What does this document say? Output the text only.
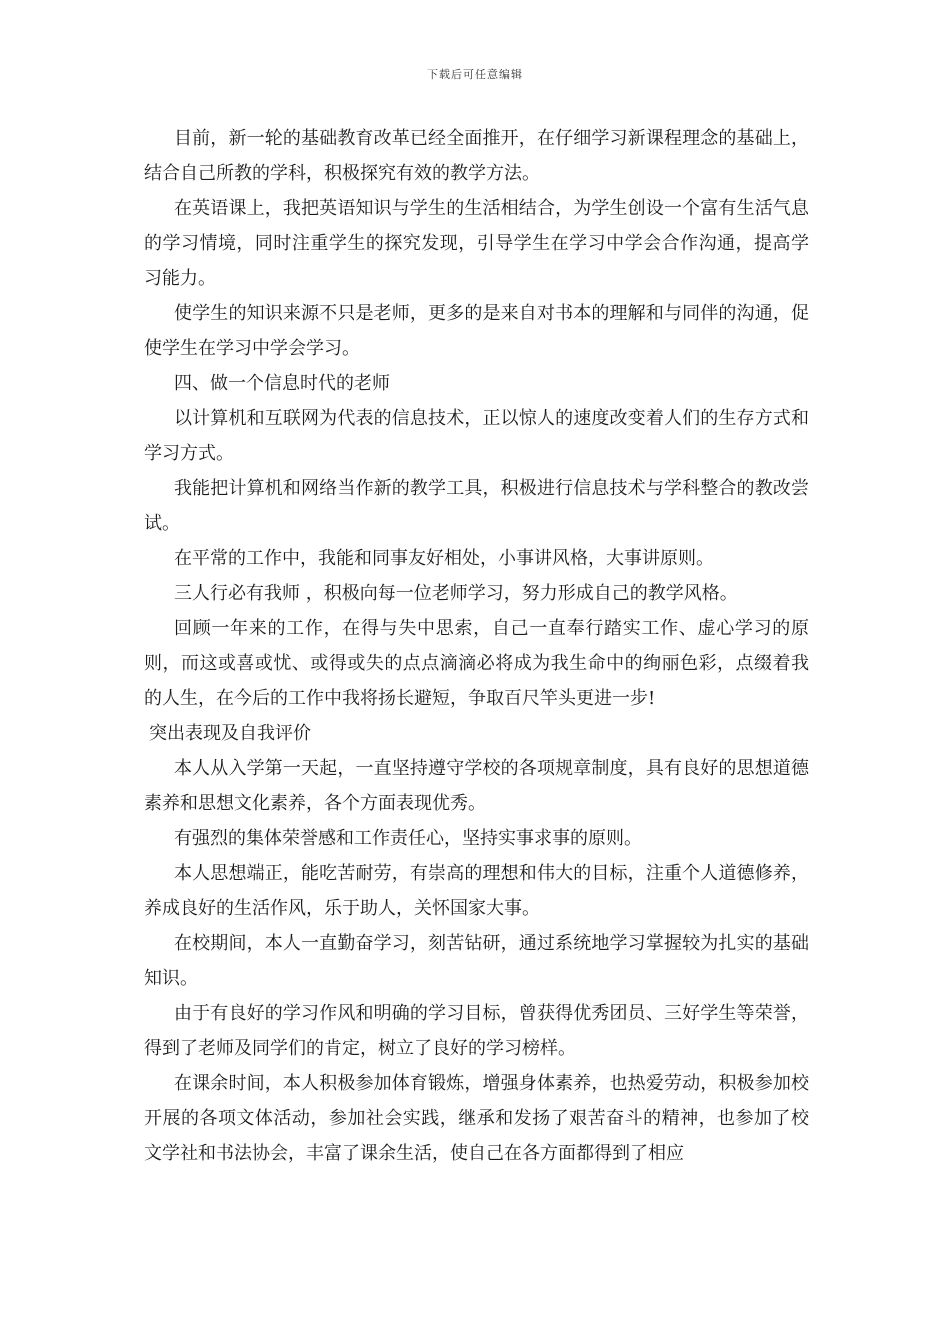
下载后可任意编辑

目前，新一轮的基础教育改革已经全面推开，在仔细学习新课程理念的基础上，结合自己所教的学科，积极探究有效的教学方法。

在英语课上，我把英语知识与学生的生活相结合，为学生创设一个富有生活气息的学习情境，同时注重学生的探究发现，引导学生在学习中学会合作沟通，提高学习能力。

使学生的知识来源不只是老师，更多的是来自对书本的理解和与同伴的沟通，促使学生在学习中学会学习。

四、做一个信息时代的老师

以计算机和互联网为代表的信息技术，正以惊人的速度改变着人们的生存方式和学习方式。

我能把计算机和网络当作新的教学工具，积极进行信息技术与学科整合的教改尝试。

在平常的工作中，我能和同事友好相处，小事讲风格，大事讲原则。

三人行必有我师 ，积极向每一位老师学习，努力形成自己的教学风格。

回顾一年来的工作，在得与失中思索，自己一直奉行踏实工作、虚心学习的原则，而这或喜或忧、或得或失的点点滴滴必将成为我生命中的绚丽色彩，点缀着我的人生，在今后的工作中我将扬长避短，争取百尺竿头更进一步!

突出表现及自我评价

本人从入学第一天起，一直坚持遵守学校的各项规章制度，具有良好的思想道德素养和思想文化素养，各个方面表现优秀。

有强烈的集体荣誉感和工作责任心，坚持实事求事的原则。

本人思想端正，能吃苦耐劳，有崇高的理想和伟大的目标，注重个人道德修养，养成良好的生活作风，乐于助人，关怀国家大事。

在校期间，本人一直勤奋学习，刻苦钻研，通过系统地学习掌握较为扎实的基础知识。

由于有良好的学习作风和明确的学习目标，曾获得优秀团员、三好学生等荣誉，得到了老师及同学们的肯定，树立了良好的学习榜样。

在课余时间，本人积极参加体育锻炼，增强身体素养，也热爱劳动，积极参加校开展的各项文体活动，参加社会实践，继承和发扬了艰苦奋斗的精神，也参加了校文学社和书法协会，丰富了课余生活，使自己在各方面都得到了相应
